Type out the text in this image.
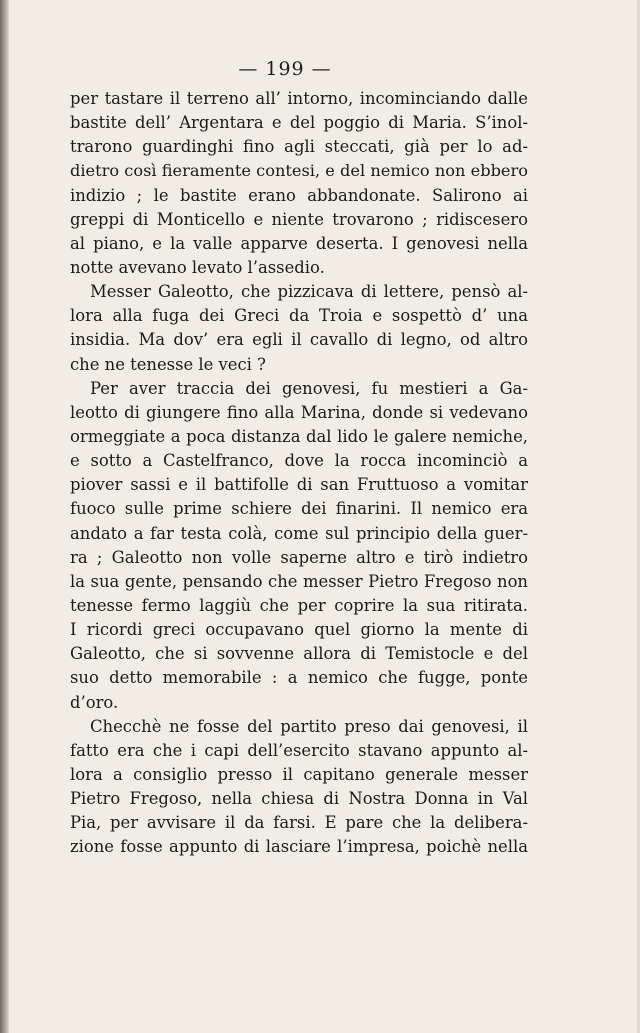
— 199 —
per tastare il terreno all’ intorno, incominciando dalle
bastite dell’ Argentara e del poggio di Maria. S’inol-
trarono guardinghi fino agli steccati, già per lo ad-
dietro così fieramente contesi, e del nemico non ebbero
indizio ; le bastite erano abbandonate. Salirono ai
greppi di Monticello e niente trovarono ; ridiscesero
al piano, e la valle apparve deserta. I genovesi nella
notte avevano levato l’assedio.
Messer Galeotto, che pizzicava di lettere, pensò al-
lora alla fuga dei Greci da Troia e sospettò d’ una
insidia. Ma dov’ era egli il cavallo di legno, od altro
che ne tenesse le veci ?
Per aver traccia dei genovesi, fu mestieri a Ga-
leotto di giungere fino alla Marina, donde si vedevano
ormeggiate a poca distanza dal lido le galere nemiche,
e sotto a Castelfranco, dove la rocca incominciò a
piover sassi e il battifolle di san Fruttuoso a vomitar
fuoco sulle prime schiere dei finarini. Il nemico era
andato a far testa colà, come sul principio della guer-
ra ; Galeotto non volle saperne altro e tirò indietro
la sua gente, pensando che messer Pietro Fregoso non
tenesse fermo laggiù che per coprire la sua ritirata.
I ricordi greci occupavano quel giorno la mente di
Galeotto, che si sovvenne allora di Temistocle e del
suo detto memorabile : a nemico che fugge, ponte
d’oro.
Checchè ne fosse del partito preso dai genovesi, il
fatto era che i capi dell’esercito stavano appunto al-
lora a consiglio presso il capitano generale messer
Pietro Fregoso, nella chiesa di Nostra Donna in Val
Pia, per avvisare il da farsi. E pare che la delibera-
zione fosse appunto di lasciare l’impresa, poichè nella
